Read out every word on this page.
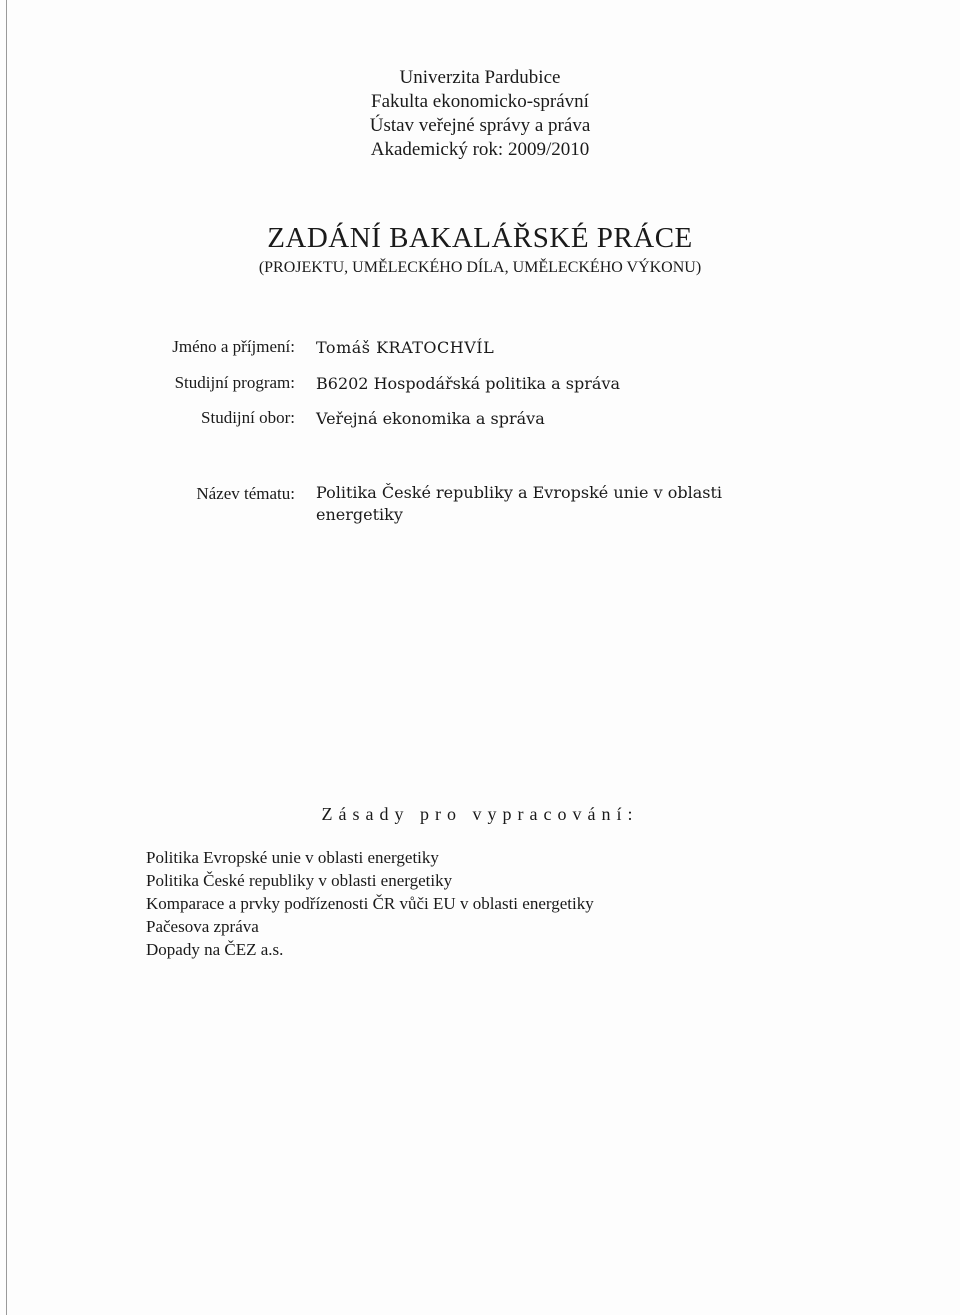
Univerzita Pardubice
Fakulta ekonomicko-správní
Ústav veřejné správy a práva
Akademický rok: 2009/2010
ZADÁNÍ BAKALÁŘSKÉ PRÁCE
(PROJEKTU, UMĚLECKÉHO DÍLA, UMĚLECKÉHO VÝKONU)
Jméno a příjmení: Tomáš KRATOCHVÍL
Studijní program: B6202 Hospodářská politika a správa
Studijní obor: Veřejná ekonomika a správa
Název tématu: Politika České republiky a Evropské unie v oblasti energetiky
Zásady pro vypracování:
Politika Evropské unie v oblasti energetiky
Politika České republiky v oblasti energetiky
Komparace a prvky podřízenosti ČR vůči EU v oblasti energetiky
Pačesova zpráva
Dopady na ČEZ a.s.
